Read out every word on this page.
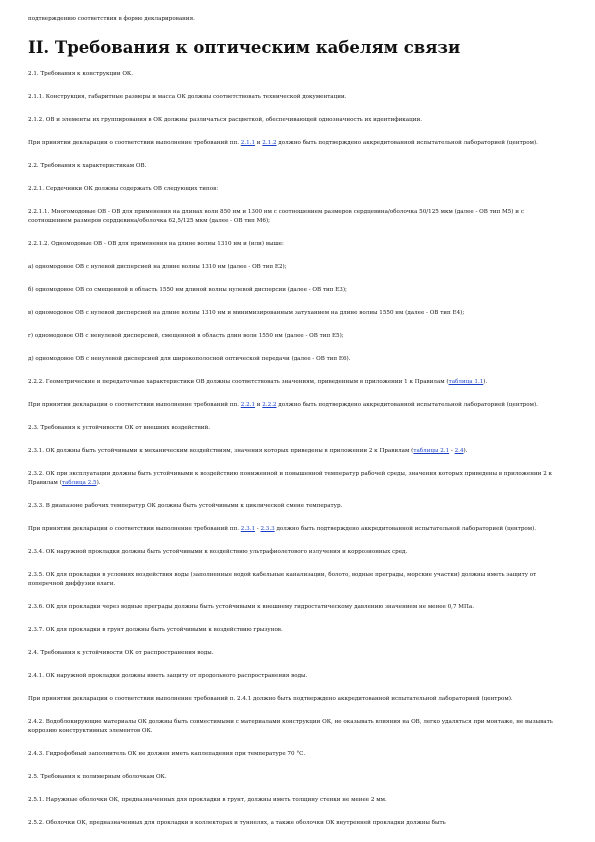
подтверждению соответствия в форме декларирования.

II. Требования к оптическим кабелям связи

2.1. Требования к конструкции ОК.

2.1.1. Конструкция, габаритные размеры и масса ОК должны соответствовать технической документации.

2.1.2. ОВ и элементы их группирования в ОК должны различаться расцветкой, обеспечивающей однозначность их идентификации.

При принятии декларации о соответствии выполнение требований пп. 2.1.1 и 2.1.2 должно быть подтверждено аккредитованной испытательной лабораторией (центром).

2.2. Требования к характеристикам ОВ.

2.2.1. Сердечники ОК должны содержать ОВ следующих типов:

2.2.1.1. Многомодовые ОВ - ОВ для применения на длинах волн 850 нм и 1300 нм с соотношением размеров сердцевина/оболочка 50/125 мкм (далее - ОВ тип М5) и с соотношением размеров сердцевина/оболочка 62,5/125 мкм (далее - ОВ тип М6);

2.2.1.2. Одномодовые ОВ - ОВ для применения на длине волны 1310 нм и (или) выше:

а) одномодовое ОВ с нулевой дисперсией на длине волны 1310 нм (далее - ОВ тип Е2);

б) одномодовое ОВ со смещенной в область 1550 нм длиной волны нулевой дисперсии (далее - ОВ тип Е3);

в) одномодовое ОВ с нулевой дисперсией на длине волны 1310 нм и минимизированным затуханием на длине волны 1550 нм (далее - ОВ тип Е4);

г) одномодовое ОВ с ненулевой дисперсией, смещенной в область длин волн 1550 нм (далее - ОВ тип Е5);

д) одномодовое ОВ с ненулевой дисперсией для широкополосной оптической передачи (далее - ОВ тип Е6).

2.2.2. Геометрические и передаточные характеристики ОВ должны соответствовать значениям, приведенным в приложении 1 к Правилам (таблица 1.1).

При принятии декларации о соответствии выполнение требований пп. 2.2.1 и 2.2.2 должно быть подтверждено аккредитованной испытательной лабораторией (центром).

2.3. Требования к устойчивости ОК от внешних воздействий.

2.3.1. ОК должны быть устойчивыми к механическим воздействиям, значения которых приведены в приложении 2 к Правилам (таблицы 2.1 - 2.4).

2.3.2. ОК при эксплуатации должны быть устойчивыми к воздействию пониженной и повышенной температур рабочей среды, значения которых приведены в приложении 2 к Правилам (таблица 2.5).

2.3.3. В диапазоне рабочих температур ОК должны быть устойчивыми к циклической смене температур.

При принятии декларации о соответствии выполнение требований пп. 2.3.1 - 2.3.3 должно быть подтверждено аккредитованной испытательной лабораторией (центром).

2.3.4. ОК наружной прокладки должны быть устойчивыми к воздействию ультрафиолетового излучения и коррозионных сред.

2.3.5. ОК для прокладки в условиях воздействия воды (заполненные водой кабельные канализации, болото, водные преграды, морские участки) должны иметь защиту от поперечной диффузии влаги.

2.3.6. ОК для прокладки через водные преграды должны быть устойчивыми к внешнему гидростатическому давлению значением не менее 0,7 МПа.

2.3.7. ОК для прокладки в грунт должны быть устойчивыми к воздействию грызунов.

2.4. Требования к устойчивости ОК от распространения воды.

2.4.1. ОК наружной прокладки должны иметь защиту от продольного распространения воды.

При принятии декларации о соответствии выполнение требований п. 2.4.1 должно быть подтверждено аккредитованной испытательной лабораторией (центром).

2.4.2. Водоблокирующие материалы ОК должны быть совместимыми с материалами конструкции ОК, не оказывать влияния на ОВ, легко удаляться при монтаже, не вызывать коррозию конструктивных элементов ОК.

2.4.3. Гидрофобный заполнитель ОК не должен иметь каплепадения при температуре 70 °С.

2.5. Требования к полимерным оболочкам ОК.

2.5.1. Наружные оболочки ОК, предназначенных для прокладки в грунт, должны иметь толщину стенки не менее 2 мм.

2.5.2. Оболочки ОК, предназначенных для прокладки в коллекторах и туннелях, а также оболочки ОК внутренней прокладки должны быть
